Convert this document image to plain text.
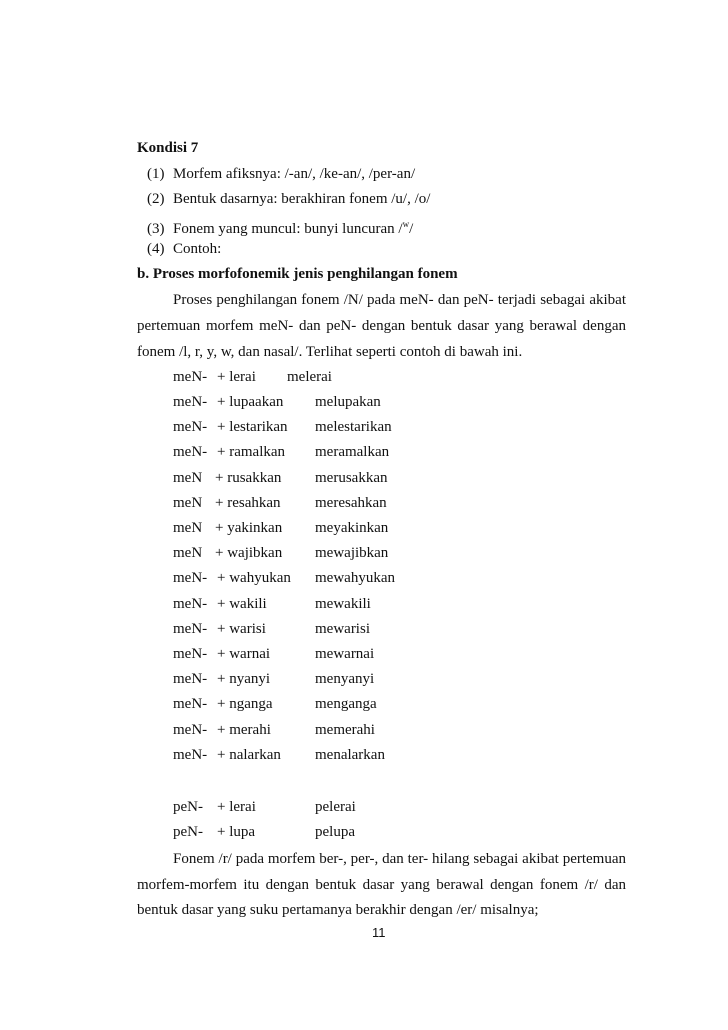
Kondisi 7
(1) Morfem afiksnya: /-an/, /ke-an/, /per-an/
(2) Bentuk dasarnya: berakhiran fonem /u/, /o/
(3) Fonem yang muncul: bunyi luncuran /$^w$/
(4) Contoh:
b. Proses morfofonemik jenis penghilangan fonem
Proses penghilangan fonem /N/ pada meN- dan peN- terjadi sebagai akibat
pertemuan morfem meN- dan peN- dengan bentuk dasar yang berawal dengan
fonem /l, r, y, w, dan nasal/. Terlihat seperti contoh di bawah ini.
meN- + lerai melerai
meN- + lupaakan melupakan
meN- + lestarikan melestarikan
meN- + ramalkan meramalkan
meN + rusakkan merusakkan
meN + resahkan meresahkan
meN + yakinkan meyakinkan
meN + wajibkan mewajibkan
meN- + wahyukan mewahyukan
meN- + wakili	mewakili
meN- + warisi	mewarisi
meN- + warnai	mewarnai
meN- + nyanyi	menyanyi
meN- + nganga	menganga
meN- + merahi	memerahi
meN- + nalarkan menalarkan
peN- + lerai	pelerai
peN- + lupa	pelupa
Fonem /r/ pada morfem ber-, per-, dan ter- hilang sebagai akibat pertemuan
morfem-morfem itu dengan bentuk dasar yang berawal dengan fonem /r/ dan
bentuk dasar yang suku pertamanya berakhir dengan /er/ misalnya;
11
